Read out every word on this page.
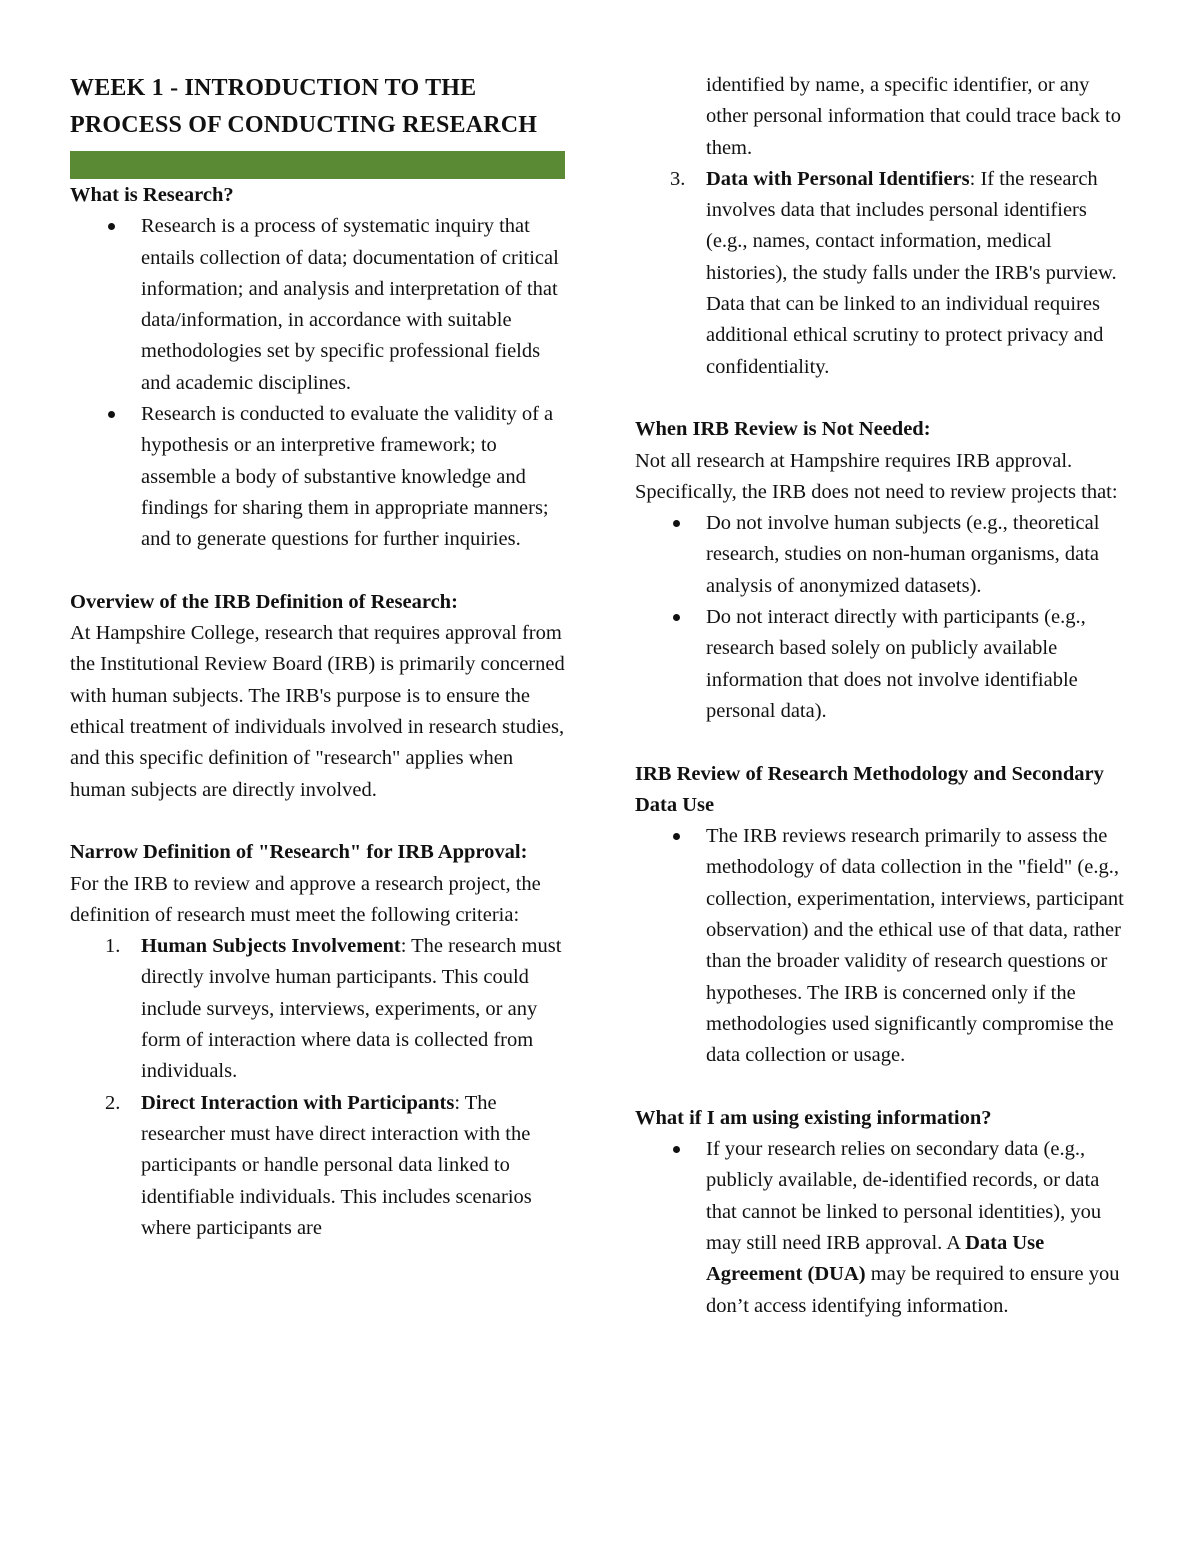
WEEK 1 - INTRODUCTION TO THE PROCESS OF CONDUCTING RESEARCH
What is Research?
Research is a process of systematic inquiry that entails collection of data; documentation of critical information; and analysis and interpretation of that data/information, in accordance with suitable methodologies set by specific professional fields and academic disciplines.
Research is conducted to evaluate the validity of a hypothesis or an interpretive framework; to assemble a body of substantive knowledge and findings for sharing them in appropriate manners; and to generate questions for further inquiries.
Overview of the IRB Definition of Research:

At Hampshire College, research that requires approval from the Institutional Review Board (IRB) is primarily concerned with human subjects. The IRB's purpose is to ensure the ethical treatment of individuals involved in research studies, and this specific definition of "research" applies when human subjects are directly involved.

Narrow Definition of "Research" for IRB Approval:

For the IRB to review and approve a research project, the definition of research must meet the following criteria:

1. Human Subjects Involvement: The research must directly involve human participants. This could include surveys, interviews, experiments, or any form of interaction where data is collected from individuals.
2. Direct Interaction with Participants: The researcher must have direct interaction with the participants or handle personal data linked to identifiable individuals. This includes scenarios where participants are

identified by name, a specific identifier, or any other personal information that could trace back to them.

3. Data with Personal Identifiers: If the research involves data that includes personal identifiers (e.g., names, contact information, medical histories), the study falls under the IRB's purview. Data that can be linked to an individual requires additional ethical scrutiny to protect privacy and confidentiality.
When IRB Review is Not Needed:

Not all research at Hampshire requires IRB approval. Specifically, the IRB does not need to review projects that:

Do not involve human subjects (e.g., theoretical research, studies on non-human organisms, data analysis of anonymized datasets).
Do not interact directly with participants (e.g., research based solely on publicly available information that does not involve identifiable personal data).
IRB Review of Research Methodology and Secondary Data Use
The IRB reviews research primarily to assess the methodology of data collection in the "field" (e.g., collection, experimentation, interviews, participant observation) and the ethical use of that data, rather than the broader validity of research questions or hypotheses. The IRB is concerned only if the methodologies used significantly compromise the data collection or usage.
What if I am using existing information?
If your research relies on secondary data (e.g., publicly available, de-identified records, or data that cannot be linked to personal identities), you may still need IRB approval. A Data Use Agreement (DUA) may be required to ensure you don’t access identifying information.
